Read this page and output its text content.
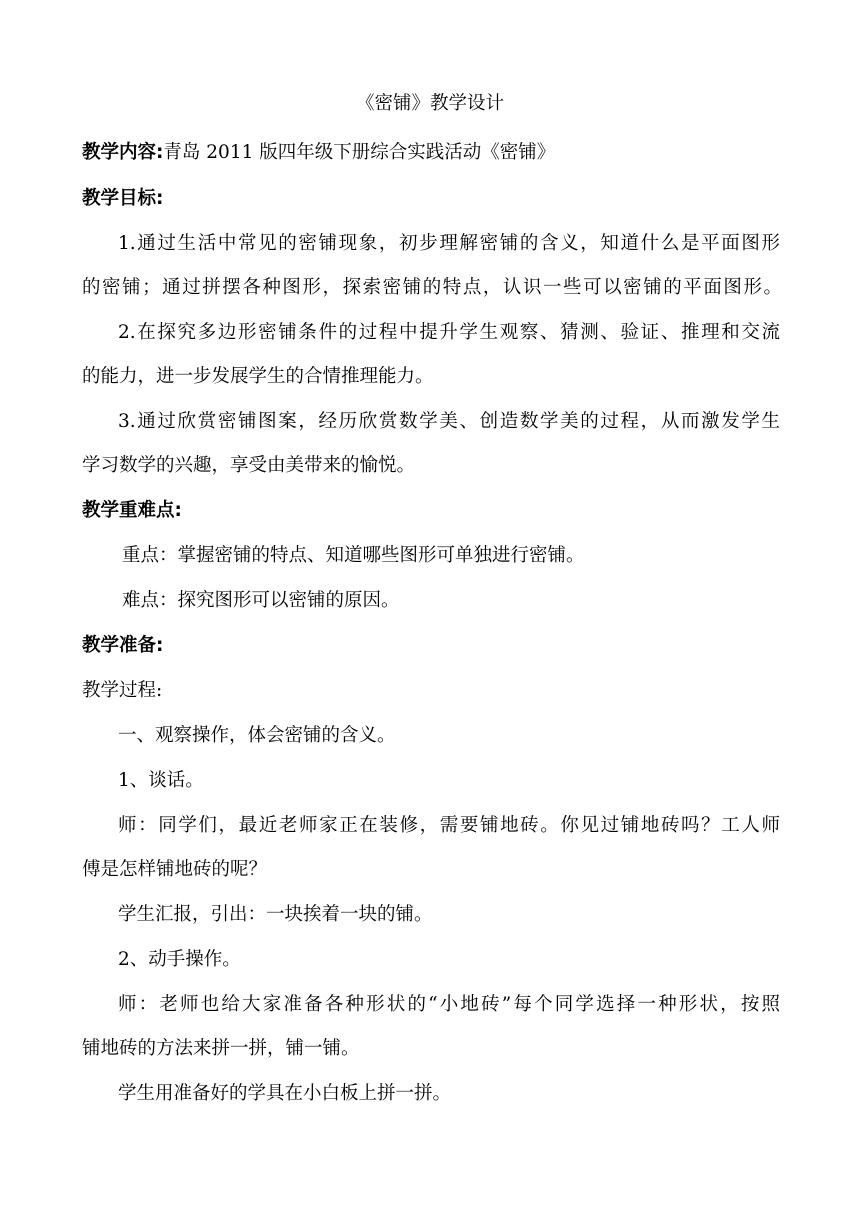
《密铺》教学设计
教学内容:青岛 2011 版四年级下册综合实践活动《密铺》
教学目标:
1.通过生活中常见的密铺现象，初步理解密铺的含义，知道什么是平面图形
的密铺；通过拼摆各种图形，探索密铺的特点，认识一些可以密铺的平面图形。
2.在探究多边形密铺条件的过程中提升学生观察、猜测、验证、推理和交流
的能力，进一步发展学生的合情推理能力。
3.通过欣赏密铺图案，经历欣赏数学美、创造数学美的过程，从而激发学生
学习数学的兴趣，享受由美带来的愉悦。
教学重难点:
重点：掌握密铺的特点、知道哪些图形可单独进行密铺。
难点：探究图形可以密铺的原因。
教学准备:
教学过程:
一、观察操作，体会密铺的含义。
1、谈话。
师：同学们，最近老师家正在装修，需要铺地砖。你见过铺地砖吗？工人师
傅是怎样铺地砖的呢？
学生汇报，引出：一块挨着一块的铺。
2、动手操作。
师：老师也给大家准备各种形状的“小地砖”每个同学选择一种形状，按照
铺地砖的方法来拼一拼，铺一铺。
学生用准备好的学具在小白板上拼一拼。
